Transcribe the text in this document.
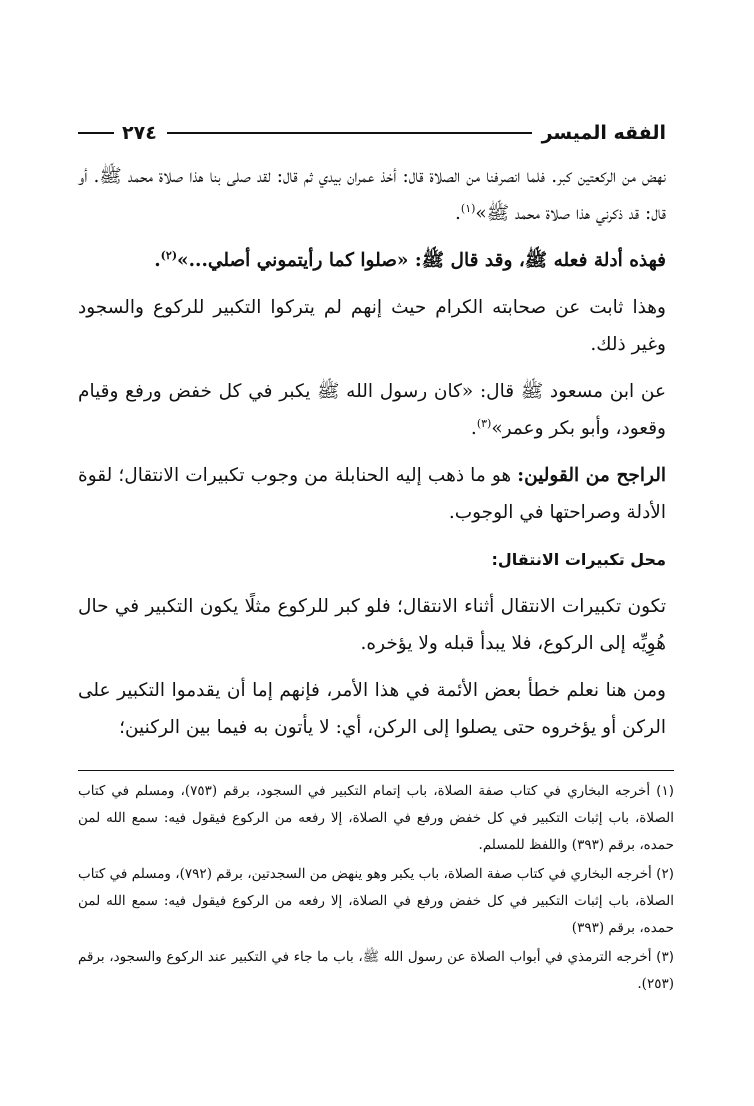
الفقه الميسر
٢٧٤

نهض من الركعتين كبر. فلما انصرفنا من الصلاة قال: أخذ عمران بيدي ثم قال: لقد صلى بنا هذا صلاة محمد ﷺ. أو قال: قد ذكرني هذا صلاة محمد ﷺ»$^{(١)}$.

فهذه أدلة فعله ﷺ، وقد قال ﷺ: «صلوا كما رأيتموني أصلي...»$^{(٢)}$.

وهذا ثابت عن صحابته الكرام حيث إنهم لم يتركوا التكبير للركوع والسجود وغير ذلك.

عن ابن مسعود ﷺ قال: «كان رسول الله ﷺ يكبر في كل خفض ورفع وقيام وقعود، وأبو بكر وعمر»$^{(٣)}$.

الراجح من القولين: هو ما ذهب إليه الحنابلة من وجوب تكبيرات الانتقال؛ لقوة الأدلة وصراحتها في الوجوب.

محل تكبيرات الانتقال:

تكون تكبيرات الانتقال أثناء الانتقال؛ فلو كبر للركوع مثلًا يكون التكبير في حال هُوِيِّه إلى الركوع، فلا يبدأ قبله ولا يؤخره.

ومن هنا نعلم خطأ بعض الأئمة في هذا الأمر، فإنهم إما أن يقدموا التكبير على الركن أو يؤخروه حتى يصلوا إلى الركن، أي: لا يأتون به فيما بين الركنين؛

(١) أخرجه البخاري في كتاب صفة الصلاة، باب إتمام التكبير في السجود، برقم (٧٥٣)، ومسلم في كتاب الصلاة، باب إثبات التكبير في كل خفض ورفع في الصلاة، إلا رفعه من الركوع فيقول فيه: سمع الله لمن حمده، برقم (٣٩٣) واللفظ للمسلم.
(٢) أخرجه البخاري في كتاب صفة الصلاة، باب يكبر وهو ينهض من السجدتين، برقم (٧٩٢)، ومسلم في كتاب الصلاة، باب إثبات التكبير في كل خفض ورفع في الصلاة، إلا رفعه من الركوع فيقول فيه: سمع الله لمن حمده، برقم (٣٩٣)
(٣) أخرجه الترمذي في أبواب الصلاة عن رسول الله ﷺ، باب ما جاء في التكبير عند الركوع والسجود، برقم (٢٥٣).
